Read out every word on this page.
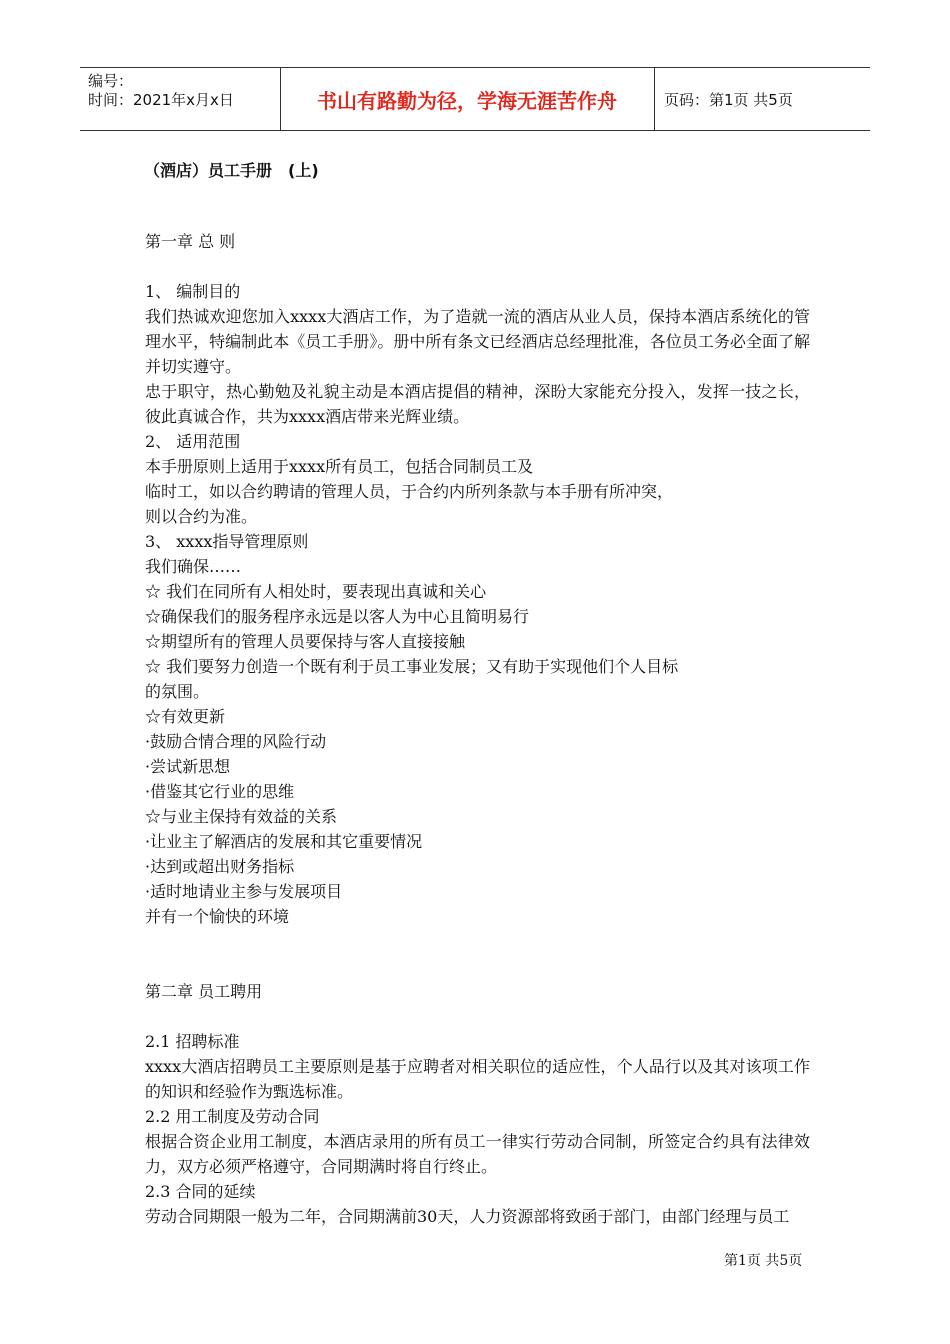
编号：
时间：2021年x月x日	书山有路勤为径，学海无涯苦作舟	页码：第1页 共5页
（酒店）员工手册　(上)
第一章 总 则
1、 编制目的
我们热诚欢迎您加入xxxx大酒店工作，为了造就一流的酒店从业人员，保持本酒店系统化的管理水平，特编制此本《员工手册》。册中所有条文已经酒店总经理批准，各位员工务必全面了解并切实遵守。
忠于职守，热心勤勉及礼貌主动是本酒店提倡的精神，深盼大家能充分投入，发挥一技之长，彼此真诚合作，共为xxxx酒店带来光辉业绩。
2、 适用范围
本手册原则上适用于xxxx所有员工，包括合同制员工及
临时工，如以合约聘请的管理人员，于合约内所列条款与本手册有所冲突，
则以合约为准。
3、 xxxx指导管理原则
我们确保……
☆ 我们在同所有人相处时，要表现出真诚和关心
☆确保我们的服务程序永远是以客人为中心且简明易行
☆期望所有的管理人员要保持与客人直接接触
☆ 我们要努力创造一个既有利于员工事业发展；又有助于实现他们个人目标
的氛围。
☆有效更新
·鼓励合情合理的风险行动
·尝试新思想
·借鉴其它行业的思维
☆与业主保持有效益的关系
·让业主了解酒店的发展和其它重要情况
·达到或超出财务指标
·适时地请业主参与发展项目
并有一个愉快的环境
第二章 员工聘用
2.1 招聘标准
xxxx大酒店招聘员工主要原则是基于应聘者对相关职位的适应性，个人品行以及其对该项工作的知识和经验作为甄选标准。
2.2 用工制度及劳动合同
根据合资企业用工制度，本酒店录用的所有员工一律实行劳动合同制，所签定合约具有法律效力，双方必须严格遵守，合同期满时将自行终止。
2.3 合同的延续
劳动合同期限一般为二年，合同期满前30天，人力资源部将致函于部门，由部门经理与员工
第1页 共5页
